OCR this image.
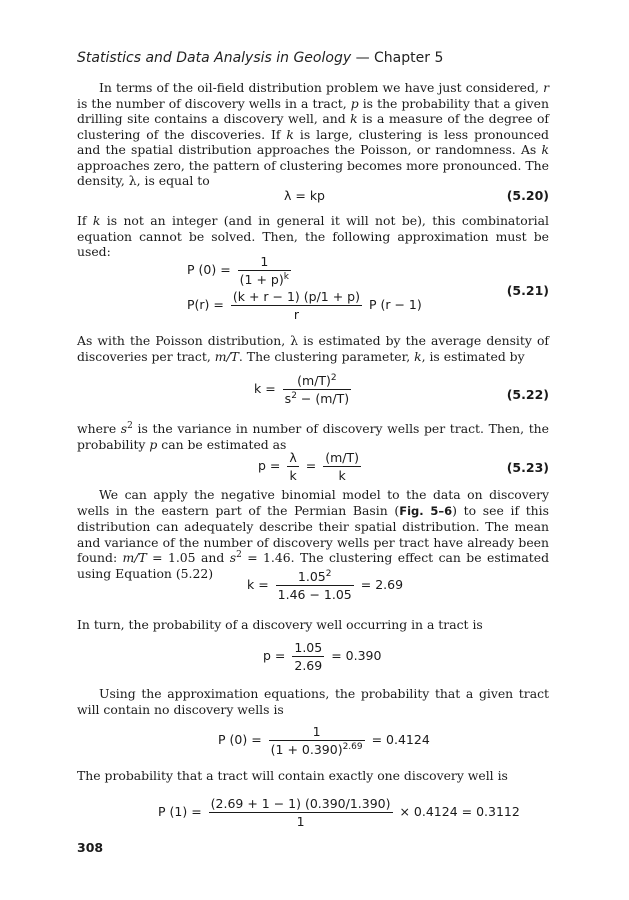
Statistics and Data Analysis in Geology — Chapter 5

In terms of the oil-field distribution problem we have just considered, r is the number of discovery wells in a tract, p is the probability that a given drilling site contains a discovery well, and k is a measure of the degree of clustering of the discoveries. If k is large, clustering is less pronounced and the spatial distribution approaches the Poisson, or randomness. As k approaches zero, the pattern of clustering becomes more pronounced. The density, λ, is equal to

λ = kp	(5.20)

If k is not an integer (and in general it will not be), this combinatorial equation cannot be solved. Then, the following approximation must be used:

P $(0) = \frac{1}{(1 + p)^k}$
$P(r) = \frac{(k + r - 1) (p/1 + p)}{r}$ P (r − 1)
(5.21)

As with the Poisson distribution, λ is estimated by the average density of discoveries per tract, m/T. The clustering parameter, k, is estimated by

$k = \frac{(m/T)^2}{s^2 - (m/T)}$	(5.22)

where $s^2$ is the variance in number of discovery wells per tract. Then, the probability p can be estimated as

$p = \frac{\lambda}{k} = \frac{(m/T)}{k}$	(5.23)

We can apply the negative binomial model to the data on discovery wells in the eastern part of the Permian Basin (Fig. 5–6) to see if this distribution can adequately describe their spatial distribution. The mean and variance of the number of discovery wells per tract have already been found: m/T = 1.05 and $s^2 = 1.46$. The clustering effect can be estimated using Equation (5.22)

$k = \frac{1.05^2}{1.46 - 1.05} = 2.69$

In turn, the probability of a discovery well occurring in a tract is

$p = \frac{1.05}{2.69} = 0.390$

Using the approximation equations, the probability that a given tract will contain no discovery wells is

P $(0) = \frac{1}{(1 + 0.390)^{2.69}} = 0.4124$

The probability that a tract will contain exactly one discovery well is

P $(1) = \frac{(2.69 + 1 - 1) (0.390/1.390)}{1} \times 0.4124 = 0.3112$
308
